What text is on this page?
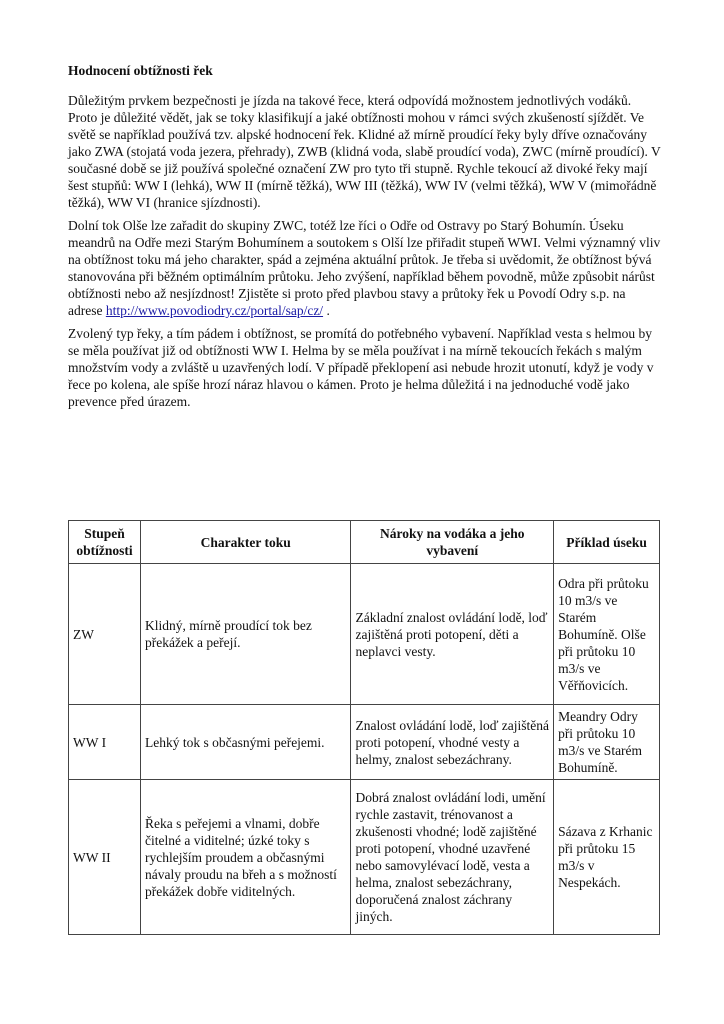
Hodnocení obtížnosti řek

Důležitým prvkem bezpečnosti je jízda na takové řece, která odpovídá možnostem jednotlivých vodáků. Proto je důležité vědět, jak se toky klasifikují a jaké obtížnosti mohou v rámci svých zkušeností sjíždět. Ve světě se například používá tzv. alpské hodnocení řek. Klidné až mírně proudící řeky byly dříve označovány jako ZWA (stojatá voda jezera, přehrady), ZWB (klidná voda, slabě proudící voda), ZWC (mírně proudící). V současné době se již používá společné označení ZW pro tyto tři stupně. Rychle tekoucí až divoké řeky mají šest stupňů: WW I (lehká), WW II (mírně těžká), WW III (těžká), WW IV (velmi těžká), WW V (mimořádně těžká), WW VI (hranice sjízdnosti).

Dolní tok Olše lze zařadit do skupiny ZWC, totéž lze říci o Odře od Ostravy po Starý Bohumín. Úseku meandrů na Odře mezi Starým Bohumínem a soutokem s Olší lze přiřadit stupeň WWI. Velmi významný vliv na obtížnost toku má jeho charakter, spád a zejména aktuální průtok. Je třeba si uvědomit, že obtížnost bývá stanovována při běžném optimálním průtoku. Jeho zvýšení, například během povodně, může způsobit nárůst obtížnosti nebo až nesjízdnost! Zjistěte si proto před plavbou stavy a průtoky řek u Povodí Odry s.p. na adrese http://www.povodiodry.cz/portal/sap/cz/ .

Zvolený typ řeky, a tím pádem i obtížnost, se promítá do potřebného vybavení. Například vesta s helmou by se měla používat již od obtížnosti WW I. Helma by se měla používat i na mírně tekoucích řekách s malým množstvím vody a zvláště u uzavřených lodí. V případě překlopení asi nebude hrozit utonutí, když je vody v řece po kolena, ale spíše hrozí náraz hlavou o kámen. Proto je helma důležitá i na jednoduché vodě jako prevence před úrazem.

Stupeň obtížnosti	Charakter toku	Nároky na vodáka a jeho vybavení	Příklad úseku
ZW	Klidný, mírně proudící tok bez překážek a peřejí.	Základní znalost ovládání lodě, loď zajištěná proti potopení, děti a neplavci vesty.	Odra při průtoku 10 m3/s ve Starém Bohumíně. Olše při průtoku 10 m3/s ve Věřňovicích.
WW I	Lehký tok s občasnými peřejemi.	Znalost ovládání lodě, loď zajištěná proti potopení, vhodné vesty a helmy, znalost sebezáchrany.	Meandry Odry při průtoku 10 m3/s ve Starém Bohumíně.
WW II	Řeka s peřejemi a vlnami, dobře čitelné a viditelné; úzké toky s rychlejším proudem a občasnými návaly proudu na břeh a s možností překážek dobře viditelných.	Dobrá znalost ovládání lodi, umění rychle zastavit, trénovanost a zkušenosti vhodné; lodě zajištěné proti potopení, vhodné uzavřené nebo samovylévací lodě, vesta a helma, znalost sebezáchrany, doporučená znalost záchrany jiných.	Sázava z Krhanic při průtoku 15 m3/s v Nespekách.
